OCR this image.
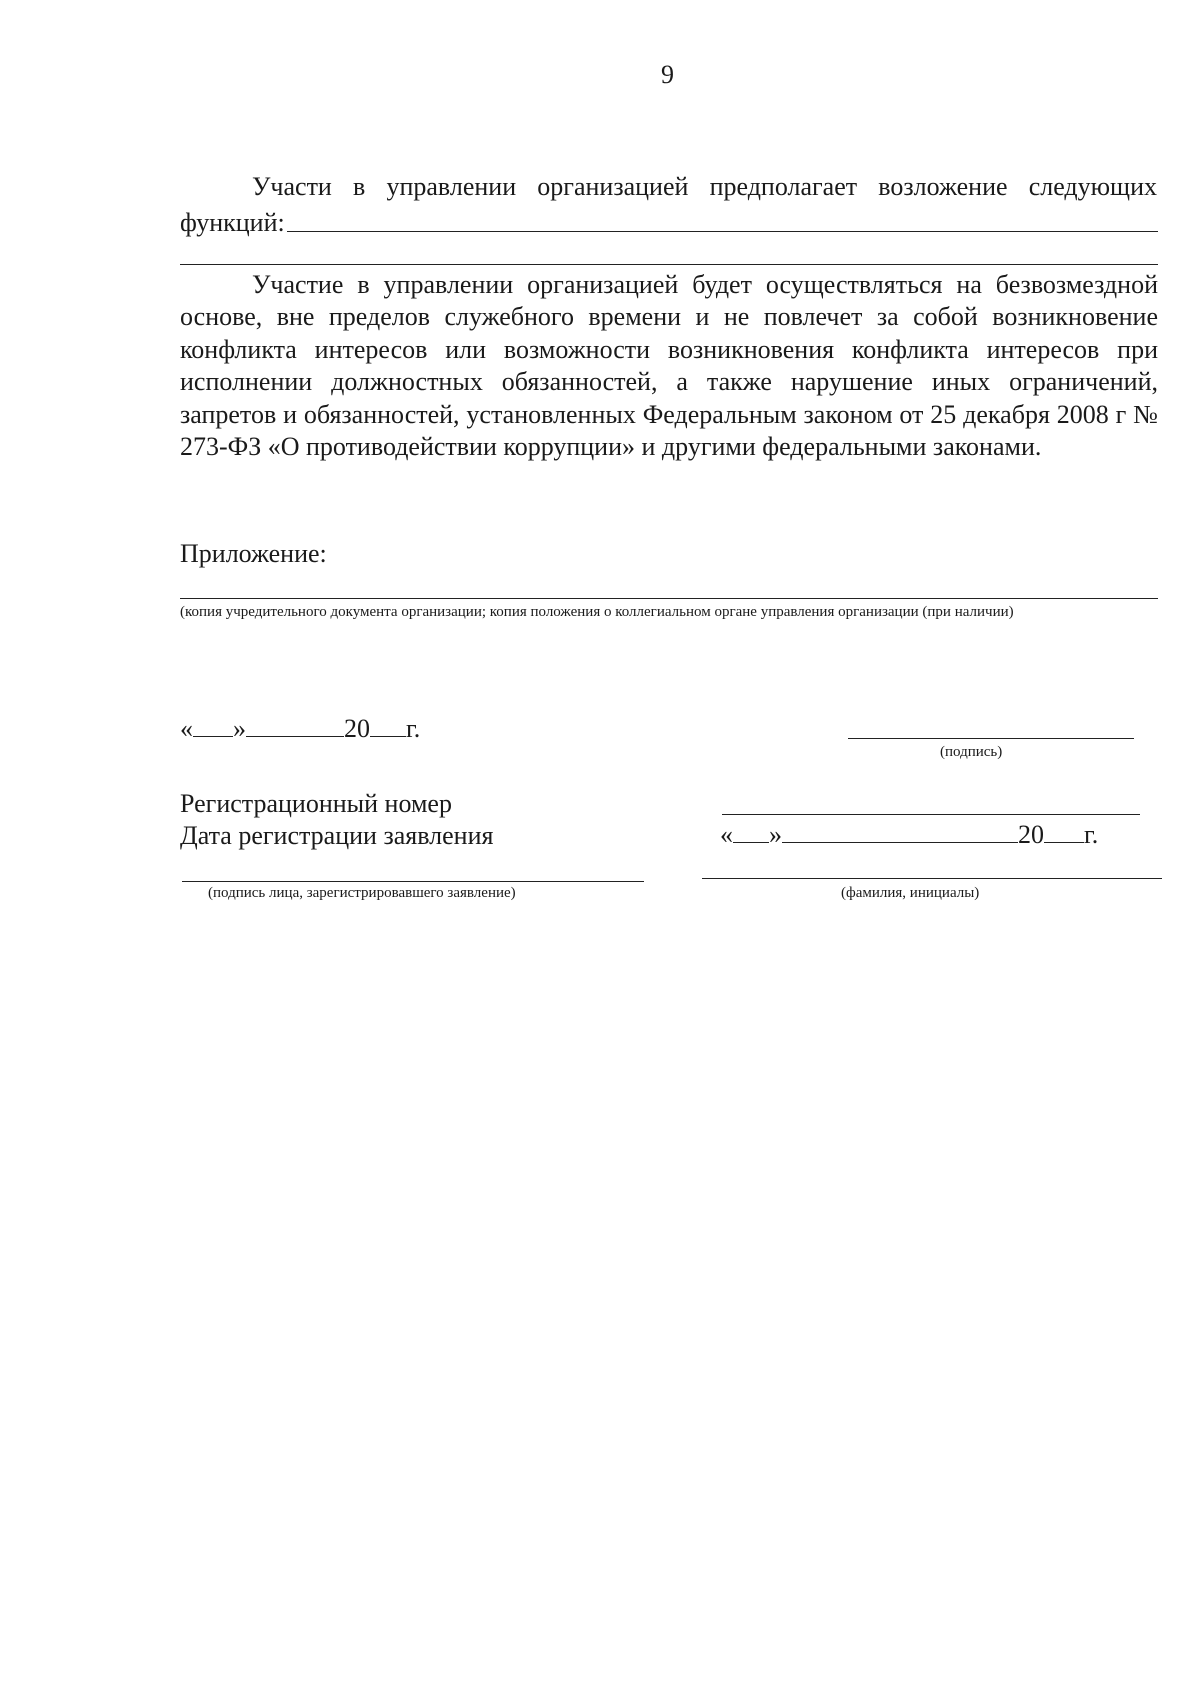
9
Участи в управлении организацией предполагает возложение следующих
функций:
Участие в управлении организацией будет осуществляться на безвозмездной основе, вне пределов служебного времени и не повлечет за собой возникновение конфликта интересов или возможности возникновения конфликта интересов при исполнении должностных обязанностей, а также нарушение иных ограничений, запретов и обязанностей, установленных Федеральным законом от 25 декабря 2008 г № 273-ФЗ «О противодействии коррупции» и другими федеральными законами.
Приложение:
(копия учредительного документа организации; копия положения о коллегиальном органе управления организации (при наличии)
« »	20 г.
(подпись)
Регистрационный номер
Дата регистрации заявления	« »	20 г.
(подпись лица, зарегистрировавшего заявление)	(фамилия, инициалы)
